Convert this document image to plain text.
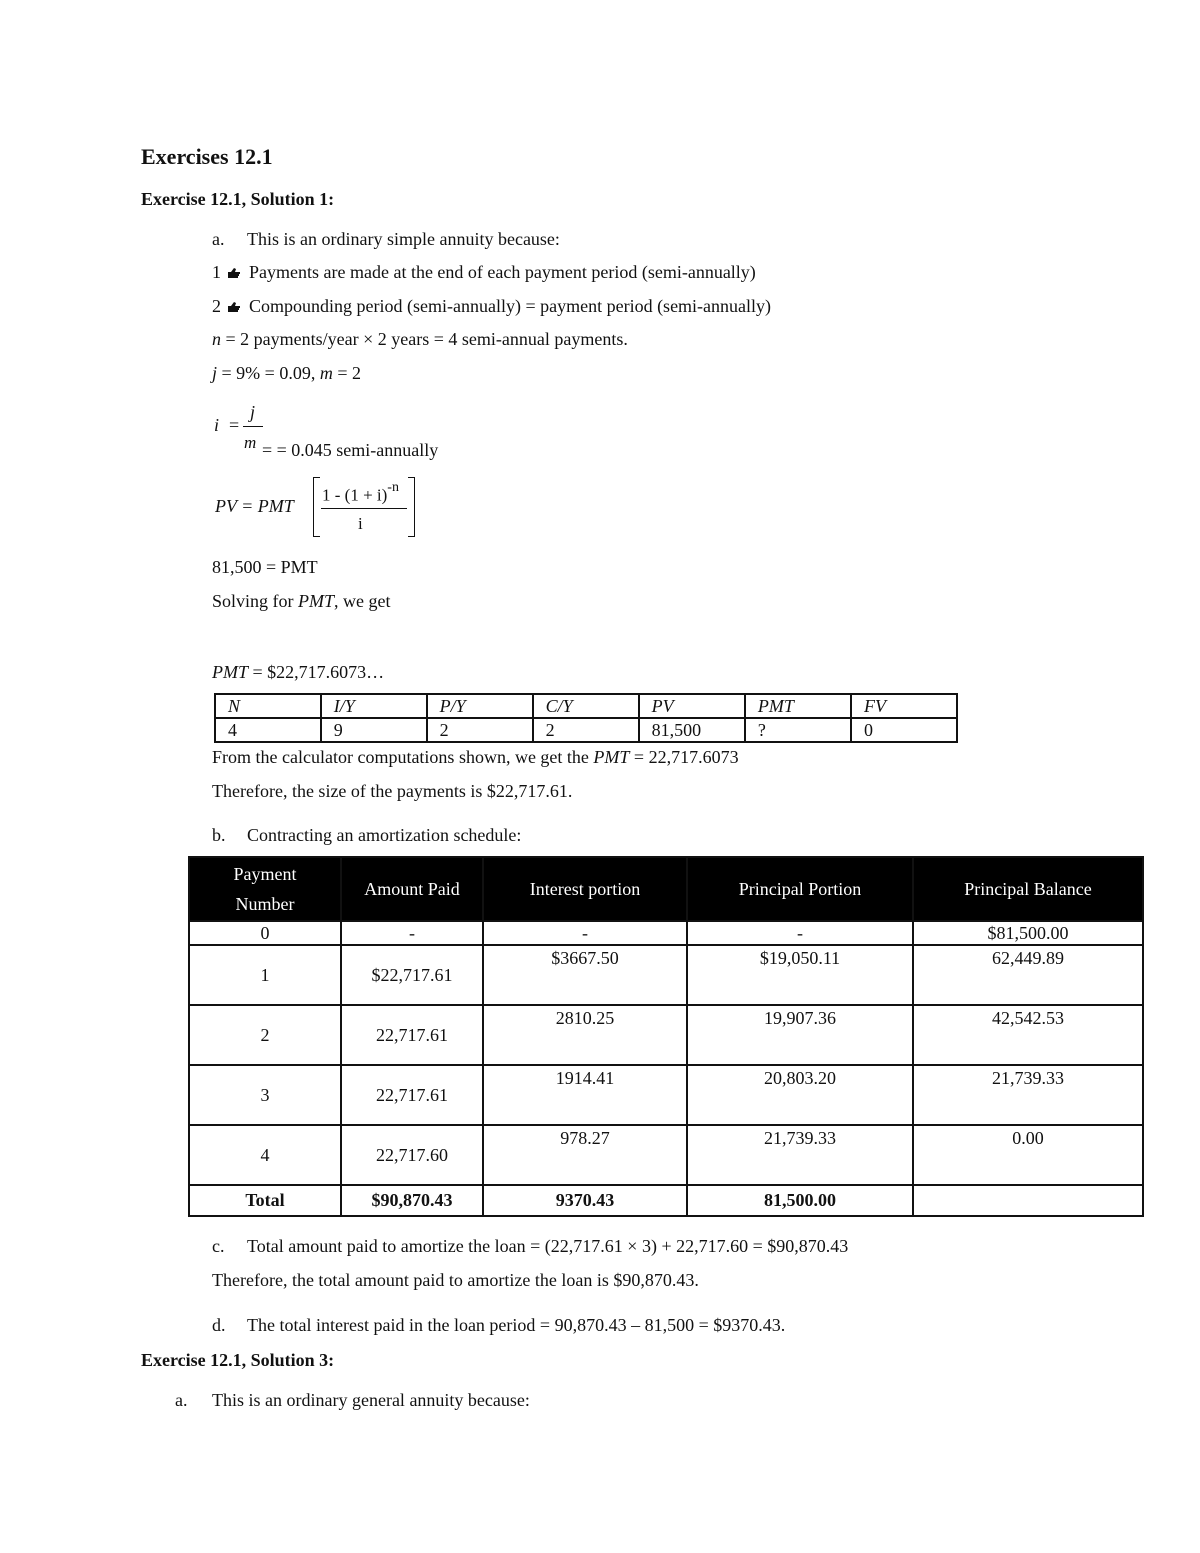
Exercises 12.1
Exercise 12.1, Solution 1:
a. This is an ordinary simple annuity because:
1 Payments are made at the end of each payment period (semi-annually)
2 Compounding period (semi-annually) = payment period (semi-annually)
n = 2 payments/year × 2 years = 4 semi-annual payments.
j = 9% = 0.09, m = 2
i =
j
m = = 0.045 semi-annually
PV = PMT
$1 - (1 + i)^{-n}$
i
81,500 = PMT
Solving for PMT, we get
PMT = $22,717.6073…
N	I/Y	P/Y	C/Y	PV	PMT	FV
4	9	2	2	81,500	?	0
From the calculator computations shown, we get the PMT = 22,717.6073
Therefore, the size of the payments is $22,717.61.
b. Contracting an amortization schedule:
Payment
Number	Amount Paid	Interest portion	Principal Portion	Principal Balance
0	-	-	-	$81,500.00
1	$22,717.61	$3667.50	$19,050.11	62,449.89
2	22,717.61	2810.25	19,907.36	42,542.53
3	22,717.61	1914.41	20,803.20	21,739.33
4	22,717.60	978.27	21,739.33	0.00
Total	$90,870.43	9370.43	81,500.00	
c. Total amount paid to amortize the loan = (22,717.61 × 3) + 22,717.60 = $90,870.43
Therefore, the total amount paid to amortize the loan is $90,870.43.
d. The total interest paid in the loan period = 90,870.43 – 81,500 = $9370.43.
Exercise 12.1, Solution 3:
a. This is an ordinary general annuity because:
